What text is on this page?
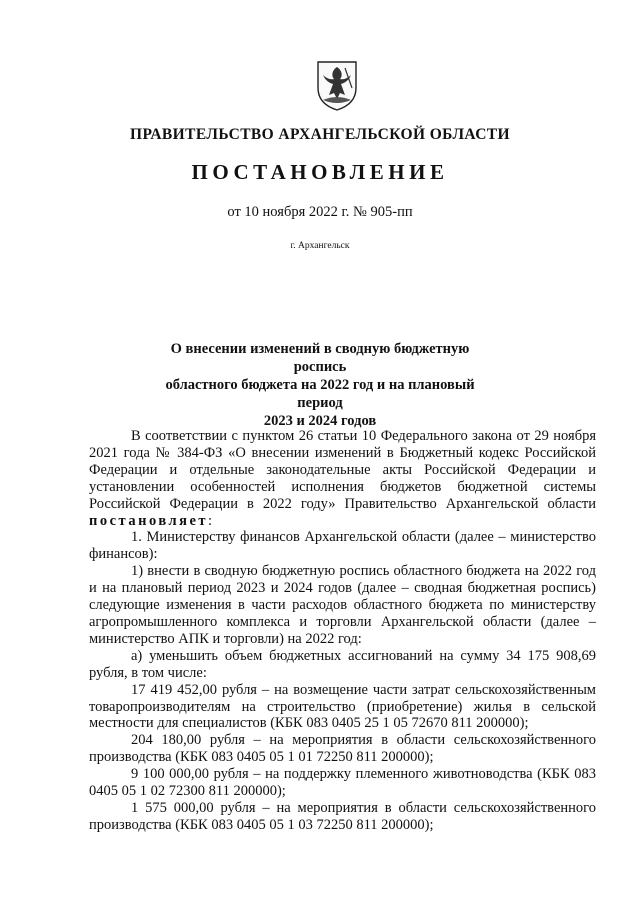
ПРАВИТЕЛЬСТВО АРХАНГЕЛЬСКОЙ ОБЛАСТИ
ПОСТАНОВЛЕНИЕ
от 10 ноября 2022 г. № 905-пп
г. Архангельск
О внесении изменений в сводную бюджетную роспись
областного бюджета на 2022 год и на плановый период
2023 и 2024 годов

В соответствии с пунктом 26 статьи 10 Федерального закона от 29 ноября 2021 года № 384-ФЗ «О внесении изменений в Бюджетный кодекс Российской Федерации и отдельные законодательные акты Российской Федерации и установлении особенностей исполнения бюджетов бюджетной системы Российской Федерации в 2022 году» Правительство Архангельской области постановляет:

1. Министерству финансов Архангельской области (далее – министерство финансов):

1) внести в сводную бюджетную роспись областного бюджета на 2022 год и на плановый период 2023 и 2024 годов (далее – сводная бюджетная роспись) следующие изменения в части расходов областного бюджета по министерству агропромышленного комплекса и торговли Архангельской области (далее – министерство АПК и торговли) на 2022 год:

а) уменьшить объем бюджетных ассигнований на сумму 34 175 908,69 рубля, в том числе:

17 419 452,00 рубля – на возмещение части затрат сельскохозяйственным товаропроизводителям на строительство (приобретение) жилья в сельской местности для специалистов (КБК 083 0405 25 1 05 72670 811 200000);

204 180,00 рубля – на мероприятия в области сельскохозяйственного производства (КБК 083 0405 05 1 01 72250 811 200000);

9 100 000,00 рубля – на поддержку племенного животноводства (КБК 083 0405 05 1 02 72300 811 200000);

1 575 000,00 рубля – на мероприятия в области сельскохозяйственного производства (КБК 083 0405 05 1 03 72250 811 200000);
